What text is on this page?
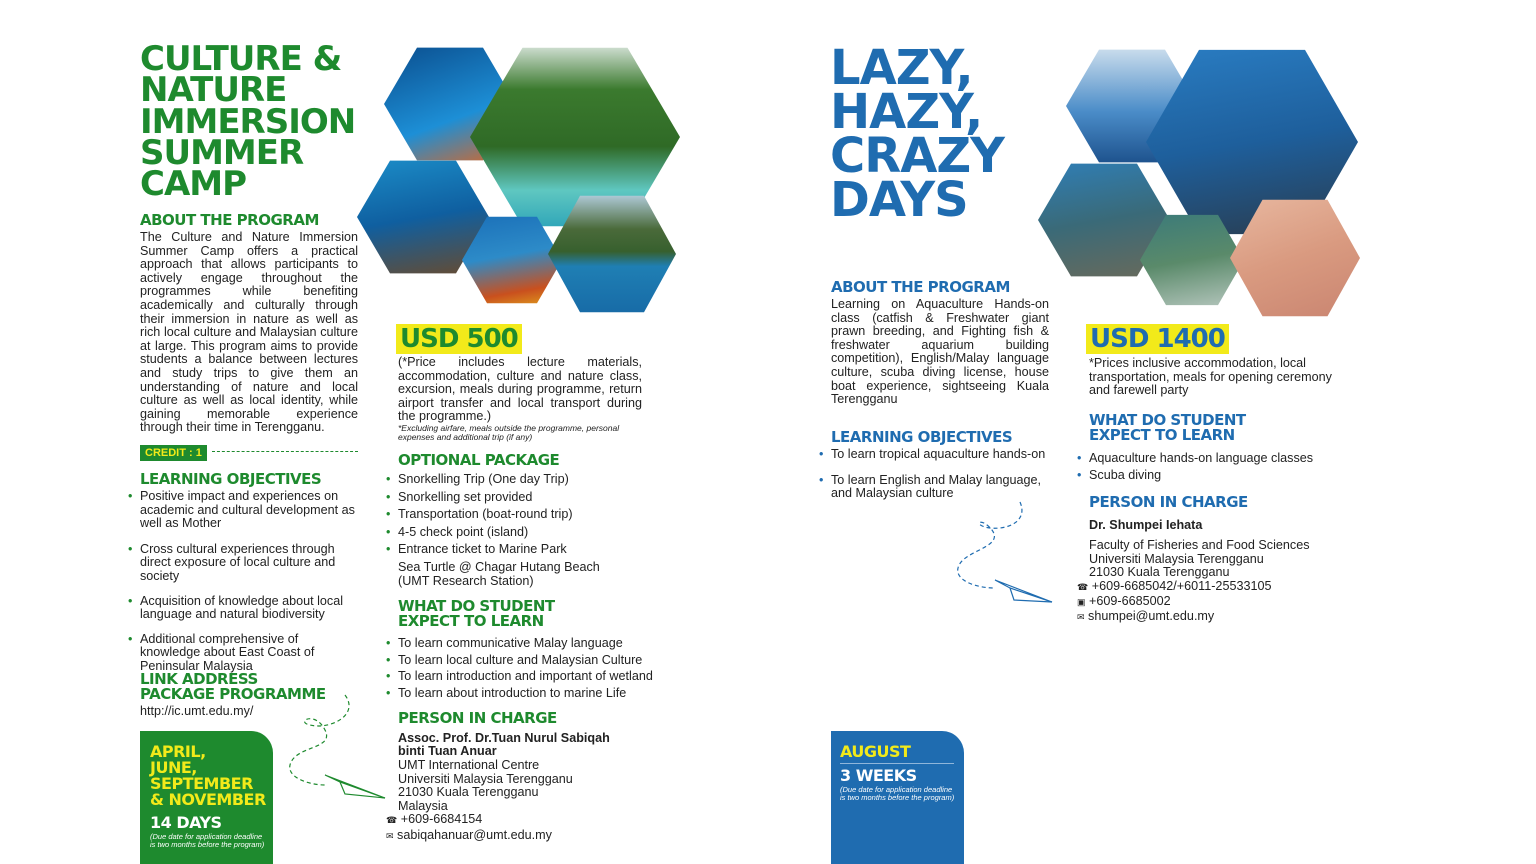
CULTURE &
NATURE
IMMERSION
SUMMER
CAMP
ABOUT THE PROGRAM

The Culture and Nature Immersion Summer Camp offers a practical approach that allows participants to actively engage throughout the programmes while benefiting academically and culturally through their immersion in nature as well as rich local culture and Malaysian culture at large. This program aims to provide students a balance between lectures and study trips to give them an understanding of nature and local culture as well as local identity, while gaining memorable experience through their time in Terengganu.

CREDIT : 1
LEARNING OBJECTIVES
• Positive impact and experiences on academic and cultural development as well as Mother
• Cross cultural experiences through direct exposure of local culture and society
• Acquisition of knowledge about local language and natural biodiversity
• Additional comprehensive of knowledge about East Coast of Peninsular Malaysia
LINK ADDRESS
PACKAGE PROGRAMME
http://ic.umt.edu.my/
APRIL,
JUNE,
SEPTEMBER
& NOVEMBER
14 DAYS
(Due date for application deadline is two months before the program)
USD 500

(*Price includes lecture materials, accommodation, culture and nature class, excursion, meals during programme, return airport transfer and local transport during the programme.)

*Excluding airfare, meals outside the programme, personal expenses and additional trip (if any)

OPTIONAL PACKAGE
• Snorkelling Trip (One day Trip)
• Snorkelling set provided
• Transportation (boat-round trip)
• 4-5 check point (island)
• Entrance ticket to Marine Park
Sea Turtle @ Chagar Hutang Beach
(UMT Research Station)
WHAT DO STUDENT
EXPECT TO LEARN
• To learn communicative Malay language
• To learn local culture and Malaysian Culture
• To learn introduction and important of wetland
• To learn about introduction to marine Life
PERSON IN CHARGE
Assoc. Prof. Dr.Tuan Nurul Sabiqah
binti Tuan Anuar
UMT International Centre
Universiti Malaysia Terengganu
21030 Kuala Terengganu
Malaysia
☎ +609-6684154
✉ sabiqahanuar@umt.edu.my
LAZY,
HAZY,
CRAZY
DAYS
ABOUT THE PROGRAM

Learning on Aquaculture Hands-on class (catfish & Freshwater giant prawn breeding, and Fighting fish & freshwater aquarium building competition), English/Malay language culture, scuba diving license, house boat experience, sightseeing Kuala Terengganu

LEARNING OBJECTIVES
• To learn tropical aquaculture hands-on
• To learn English and Malay language, and Malaysian culture
USD 1400

*Prices inclusive accommodation, local transportation, meals for opening ceremony and farewell party

WHAT DO STUDENT
EXPECT TO LEARN
• Aquaculture hands-on language classes
• Scuba diving
PERSON IN CHARGE
Dr. Shumpei Iehata
Faculty of Fisheries and Food Sciences
Universiti Malaysia Terengganu
21030 Kuala Terengganu
☎ +609-6685042/+6011-25533105
▣ +609-6685002
✉ shumpei@umt.edu.my
AUGUST
3 WEEKS
(Due date for application deadline is two months before the program)
